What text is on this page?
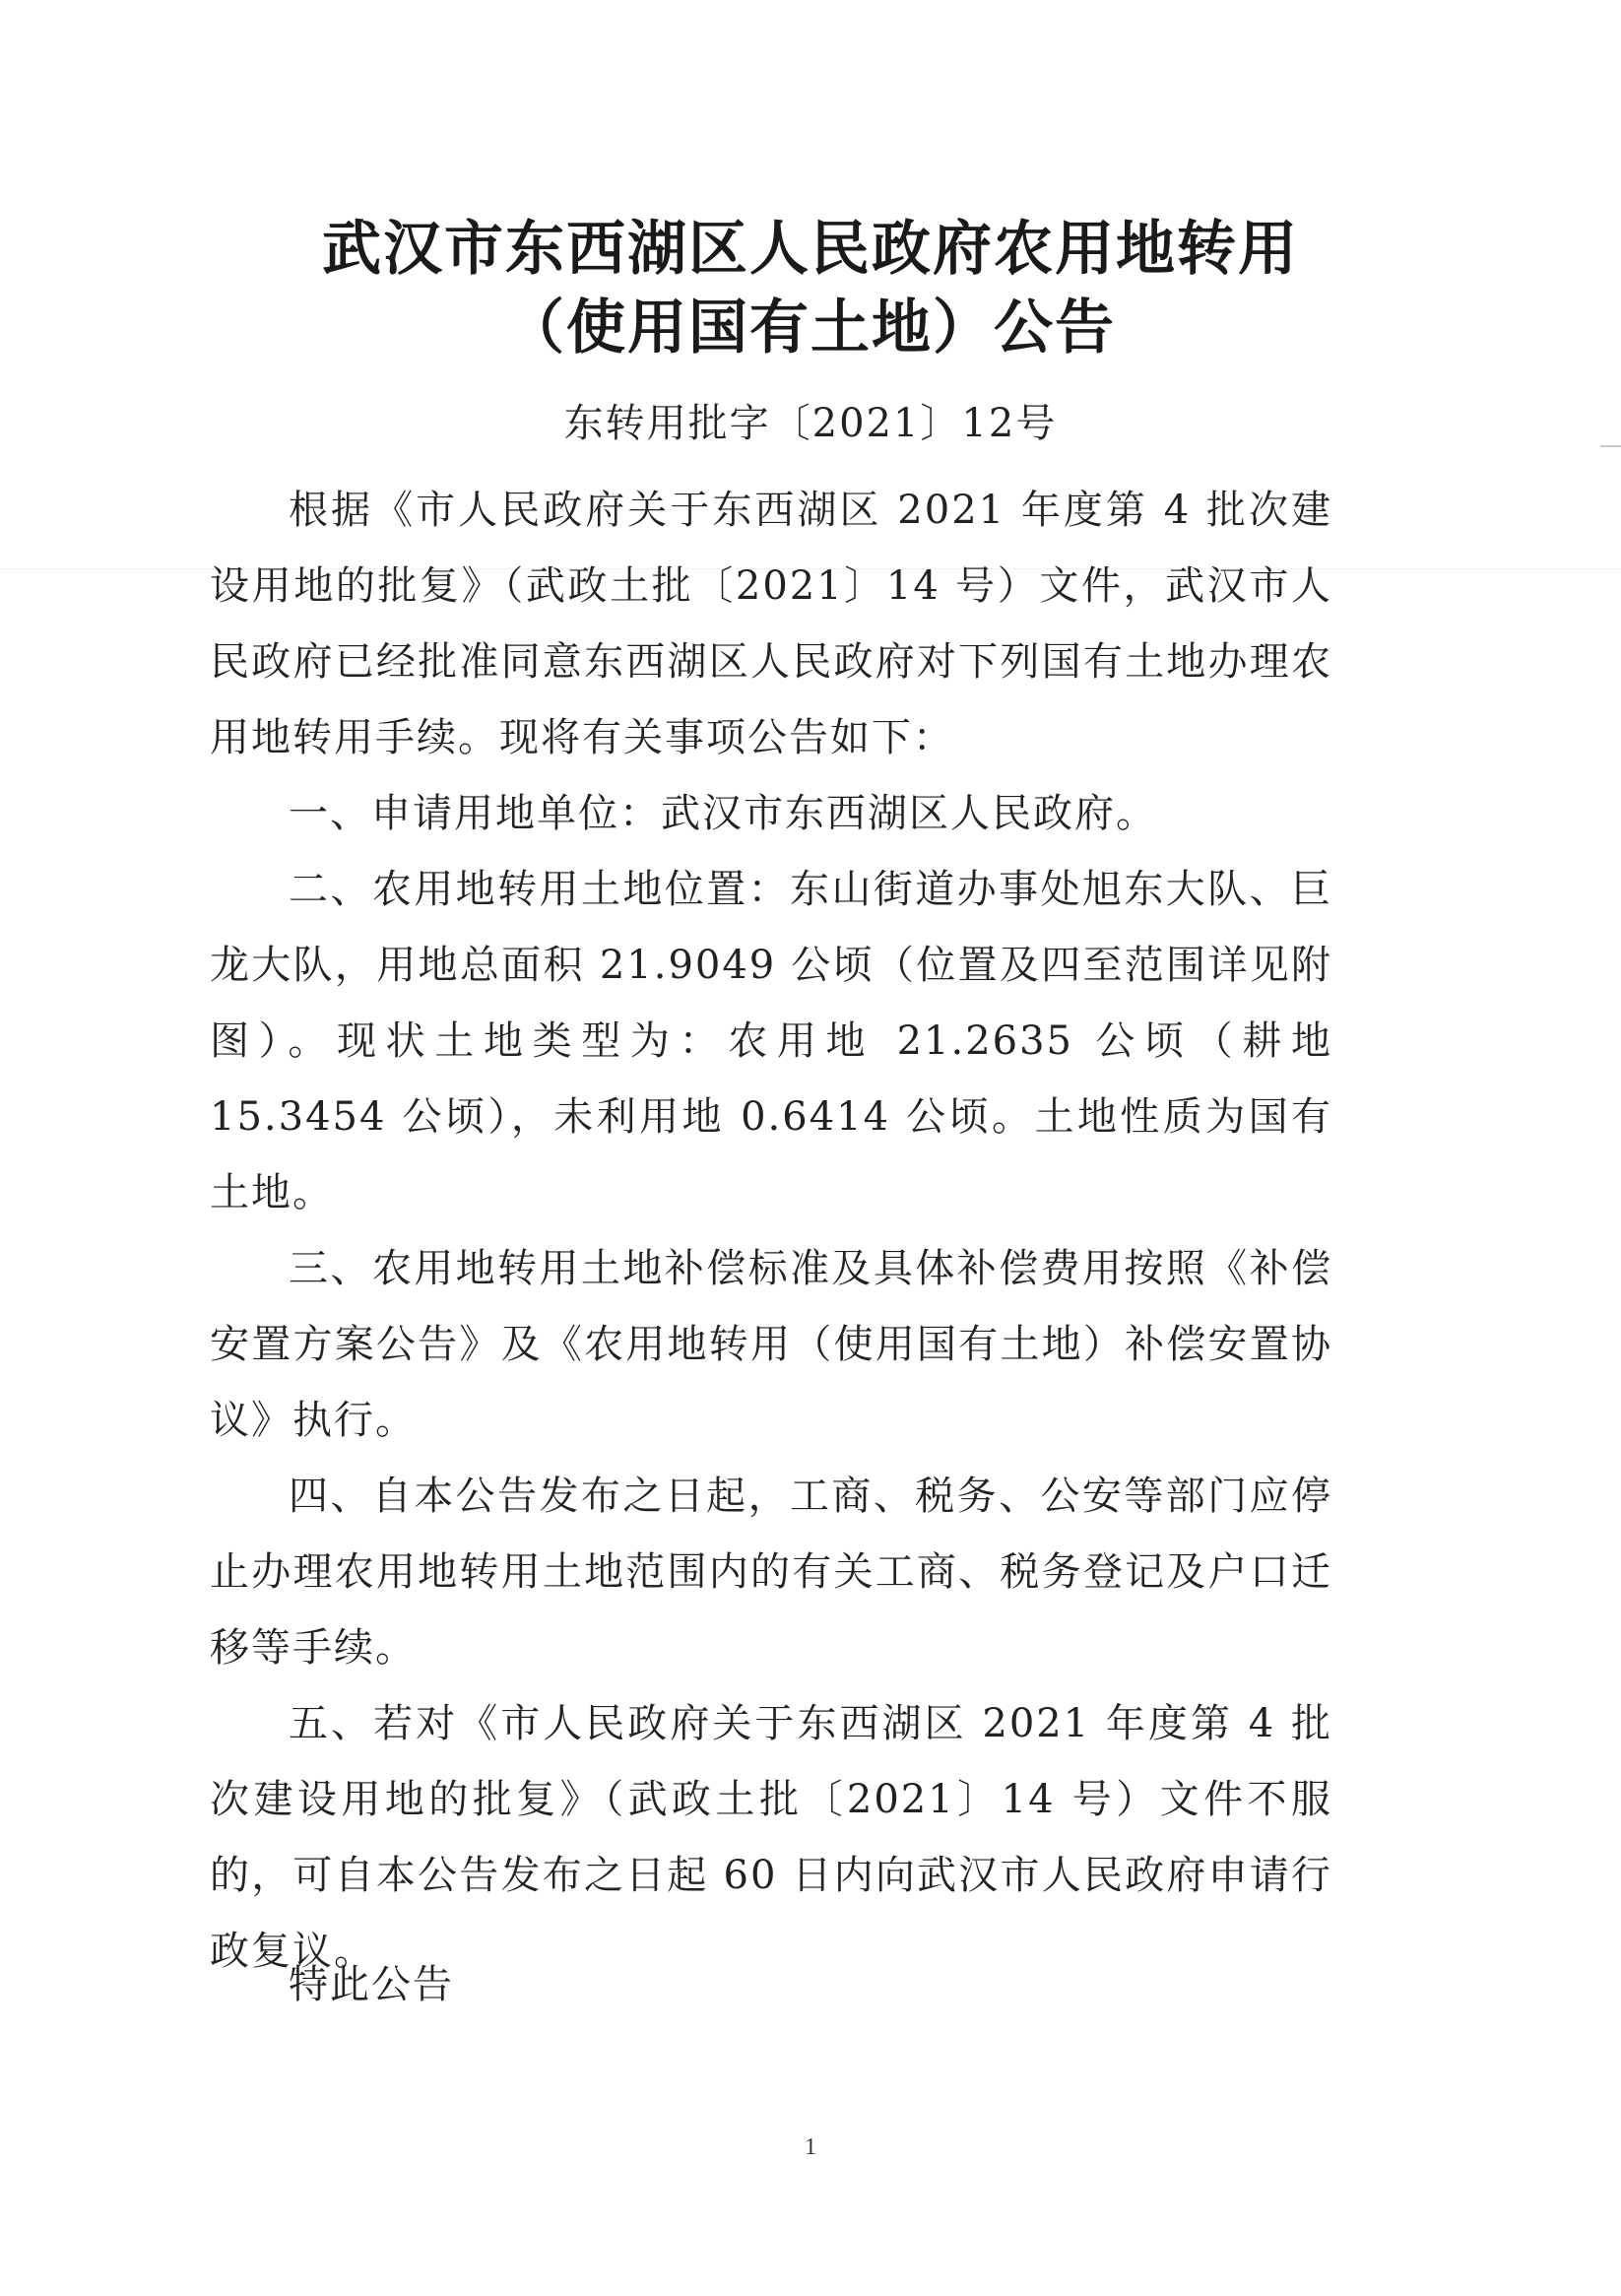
武汉市东西湖区人民政府农用地转用
（使用国有土地）公告
东转用批字〔2021〕12号

根据《市人民政府关于东西湖区 2021 年度第 4 批次建设用地的批复》（武政土批〔2021〕14 号）文件，武汉市人民政府已经批准同意东西湖区人民政府对下列国有土地办理农用地转用手续。现将有关事项公告如下：

一、申请用地单位：武汉市东西湖区人民政府。

二、农用地转用土地位置：东山街道办事处旭东大队、巨龙大队，用地总面积 21.9049 公顷（位置及四至范围详见附图）。现状土地类型为：农用地 21.2635 公顷（耕地 15.3454 公顷），未利用地 0.6414 公顷。土地性质为国有土地。

三、农用地转用土地补偿标准及具体补偿费用按照《补偿安置方案公告》及《农用地转用（使用国有土地）补偿安置协议》执行。

四、自本公告发布之日起，工商、税务、公安等部门应停止办理农用地转用土地范围内的有关工商、税务登记及户口迁移等手续。

五、若对《市人民政府关于东西湖区 2021 年度第 4 批次建设用地的批复》（武政土批〔2021〕14 号）文件不服的，可自本公告发布之日起 60 日内向武汉市人民政府申请行政复议。

特此公告
1
